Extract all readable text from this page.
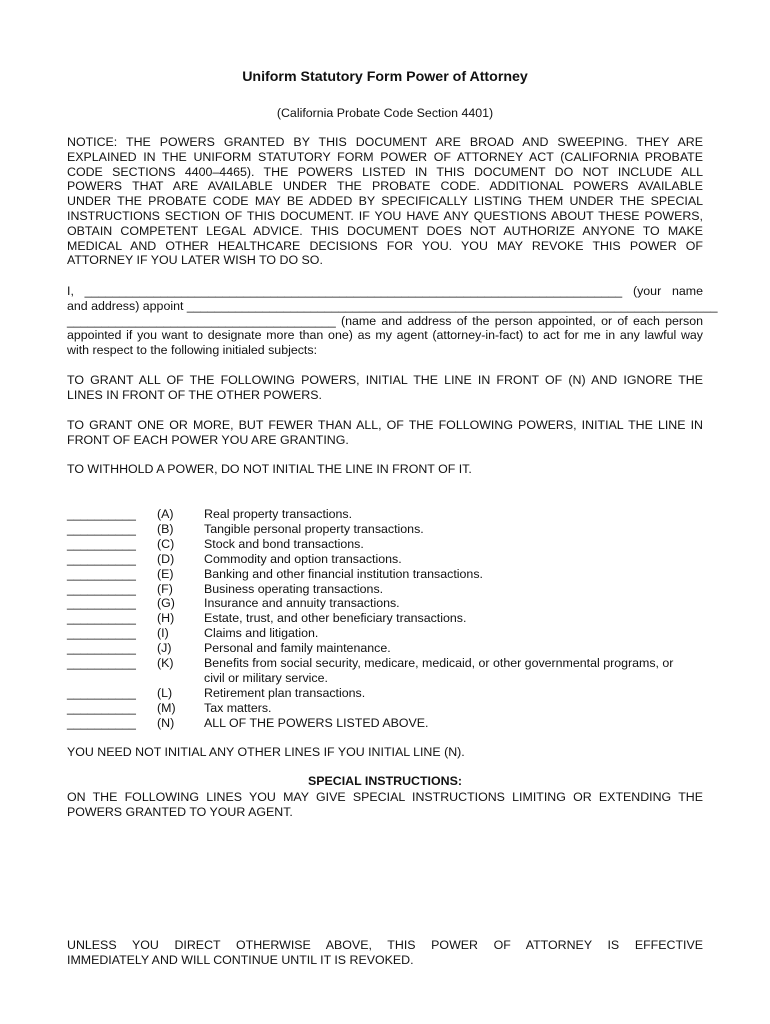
Uniform Statutory Form Power of Attorney
(California Probate Code Section 4401)

NOTICE: THE POWERS GRANTED BY THIS DOCUMENT ARE BROAD AND SWEEPING. THEY ARE
EXPLAINED IN THE UNIFORM STATUTORY FORM POWER OF ATTORNEY ACT (CALIFORNIA PROBATE
CODE SECTIONS 4400–4465). THE POWERS LISTED IN THIS DOCUMENT DO NOT INCLUDE ALL
POWERS THAT ARE AVAILABLE UNDER THE PROBATE CODE. ADDITIONAL POWERS AVAILABLE
UNDER THE PROBATE CODE MAY BE ADDED BY SPECIFICALLY LISTING THEM UNDER THE SPECIAL
INSTRUCTIONS SECTION OF THIS DOCUMENT. IF YOU HAVE ANY QUESTIONS ABOUT THESE POWERS,
OBTAIN COMPETENT LEGAL ADVICE. THIS DOCUMENT DOES NOT AUTHORIZE ANYONE TO MAKE
MEDICAL AND OTHER HEALTHCARE DECISIONS FOR YOU. YOU MAY REVOKE THIS POWER OF
ATTORNEY IF YOU LATER WISH TO DO SO.

I, ______________________________________________________________________________ (your name
and address) appoint _____________________________________________________________________________
_______________________________________ (name and address of the person appointed, or of each person
appointed if you want to designate more than one) as my agent (attorney-in-fact) to act for me in any lawful way
with respect to the following initialed subjects:

TO GRANT ALL OF THE FOLLOWING POWERS, INITIAL THE LINE IN FRONT OF (N) AND IGNORE THE
LINES IN FRONT OF THE OTHER POWERS.

TO GRANT ONE OR MORE, BUT FEWER THAN ALL, OF THE FOLLOWING POWERS, INITIAL THE LINE IN
FRONT OF EACH POWER YOU ARE GRANTING.

TO WITHHOLD A POWER, DO NOT INITIAL THE LINE IN FRONT OF IT.

__________	(A)	Real property transactions.
__________	(B)	Tangible personal property transactions.
__________	(C)	Stock and bond transactions.
__________	(D)	Commodity and option transactions.
__________	(E)	Banking and other financial institution transactions.
__________	(F)	Business operating transactions.
__________	(G)	Insurance and annuity transactions.
__________	(H)	Estate, trust, and other beneficiary transactions.
__________	(I)	Claims and litigation.
__________	(J)	Personal and family maintenance.
__________	(K)	Benefits from social security, medicare, medicaid, or other governmental programs, or
civil or military service.
__________	(L)	Retirement plan transactions.
__________	(M)	Tax matters.
__________	(N)	ALL OF THE POWERS LISTED ABOVE.

YOU NEED NOT INITIAL ANY OTHER LINES IF YOU INITIAL LINE (N).

SPECIAL INSTRUCTIONS:

ON THE FOLLOWING LINES YOU MAY GIVE SPECIAL INSTRUCTIONS LIMITING OR EXTENDING THE
POWERS GRANTED TO YOUR AGENT.

UNLESS YOU DIRECT OTHERWISE ABOVE, THIS POWER OF ATTORNEY IS EFFECTIVE
IMMEDIATELY AND WILL CONTINUE UNTIL IT IS REVOKED.
